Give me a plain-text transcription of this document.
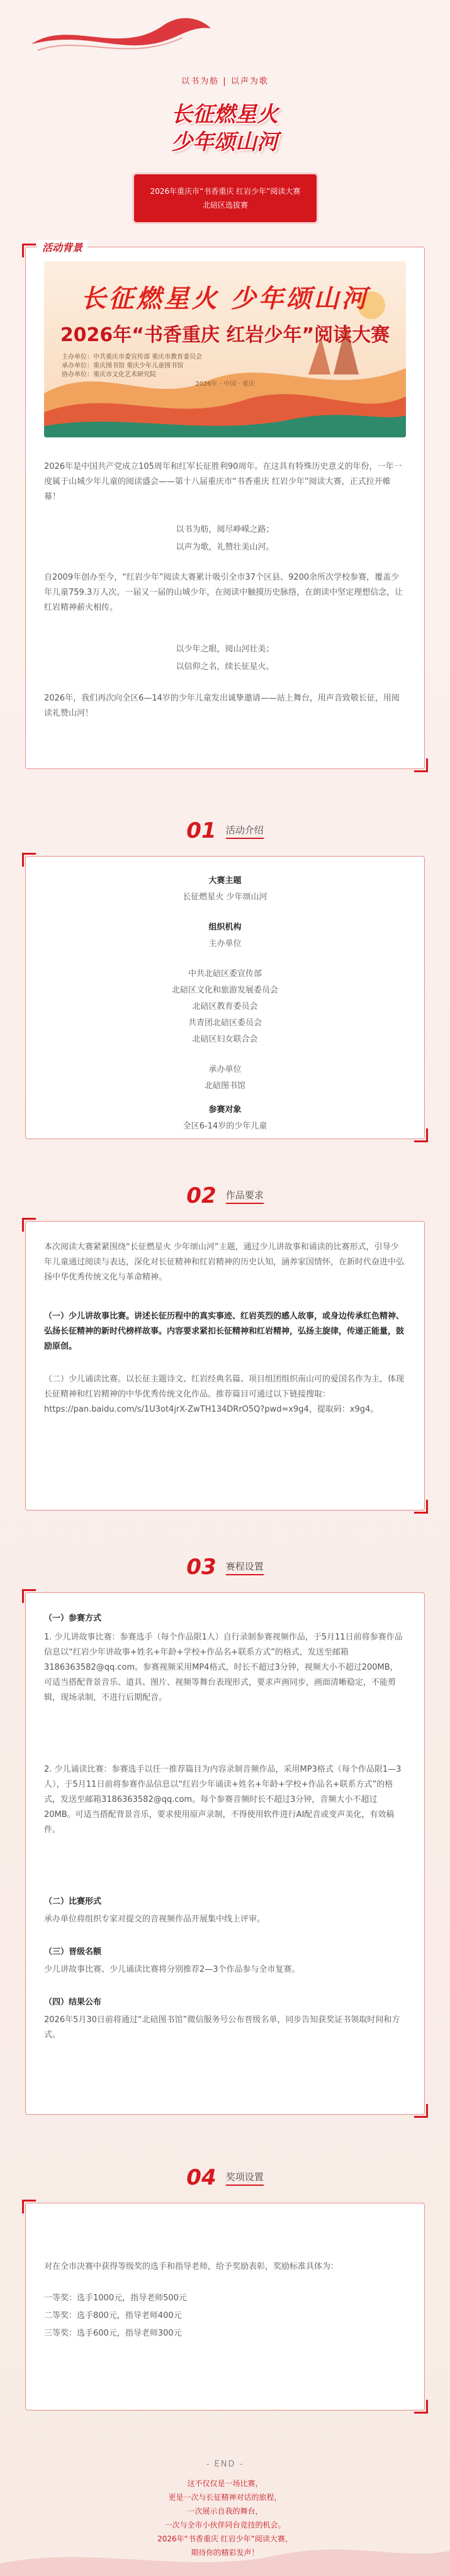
以书为舫 | 以声为歌
长征燃星火
少年颂山河
2026年重庆市“书香重庆 红岩少年”阅读大赛
北碚区选拔赛
活动背景
长征燃星火 少年颂山河
2026年“书香重庆 红岩少年”阅读大赛
主办单位：中共重庆市委宣传部 重庆市教育委员会
承办单位：重庆图书馆 重庆少年儿童图书馆
协办单位：重庆市文化艺术研究院
2026年 · 中国 · 重庆
2026年是中国共产党成立105周年和红军长征胜利90周年。在这具有特殊历史意义的年份，一年一度属于山城少年儿童的阅读盛会——第十八届重庆市“书香重庆 红岩少年”阅读大赛，正式拉开帷幕！
以书为舫，阅尽峥嵘之路；
以声为歌，礼赞壮美山河。
自2009年创办至今，“红岩少年”阅读大赛累计吸引全市37个区县、9200余所次学校参赛，覆盖少年儿童759.3万人次。一届又一届的山城少年，在阅读中触摸历史脉络，在朗读中坚定理想信念，让红岩精神薪火相传。
以少年之眼，阅山河壮美；
以信仰之名，续长征星火。
2026年，我们再次向全区6—14岁的少年儿童发出诚挚邀请——站上舞台，用声音致敬长征，用阅读礼赞山河！
01 活动介绍
大赛主题
长征燃星火 少年颂山河
组织机构
主办单位
中共北碚区委宣传部
北碚区文化和旅游发展委员会
北碚区教育委员会
共青团北碚区委员会
北碚区妇女联合会
承办单位
北碚图书馆
参赛对象
全区6-14岁的少年儿童
02 作品要求
本次阅读大赛紧紧围绕“长征燃星火 少年颂山河”主题，通过少儿讲故事和诵读的比赛形式，引导少年儿童通过阅读与表达，深化对长征精神和红岩精神的历史认知，涵养家国情怀，在新时代奋进中弘扬中华优秀传统文化与革命精神。
（一）少儿讲故事比赛。讲述长征历程中的真实事迹、红岩英烈的感人故事，或身边传承红色精神、弘扬长征精神的新时代榜样故事。内容要求紧扣长征精神和红岩精神，弘扬主旋律，传递正能量，鼓励原创。
（二）少儿诵读比赛。以长征主题诗文、红岩经典名篇、项目组团组织南山可的爱国名作为主，体现长征精神和红岩精神的中华优秀传统文化作品。推荐篇目可通过以下链接搜取：https://pan.baidu.com/s/1U3ot4jrX-ZwTH134DRrO5Q?pwd=x9g4，提取码：x9g4。
03 赛程设置
（一）参赛方式
1. 少儿讲故事比赛：参赛选手（每个作品限1人）自行录制参赛视频作品，于5月11日前将参赛作品信息以“红岩少年讲故事+姓名+年龄+学校+作品名+联系方式”的格式，发送至邮箱3186363582@qq.com。参赛视频采用MP4格式，时长不超过3分钟，视频大小不超过200MB，可适当搭配背景音乐、道具、图片、视频等舞台表现形式，要求声画同步，画面清晰稳定，不能剪辑，现场录制，不进行后期配音。
2. 少儿诵读比赛：参赛选手以任一推荐篇目为内容录制音频作品，采用MP3格式（每个作品限1—3人），于5月11日前将参赛作品信息以“红岩少年诵读+姓名+年龄+学校+作品名+联系方式”的格式，发送至邮箱3186363582@qq.com。每个参赛音频时长不超过3分钟，音频大小不超过20MB。可适当搭配背景音乐，要求使用原声录制，不得使用软件进行AI配音或变声美化，有效稿件。
（二）比赛形式
承办单位将组织专家对提交的音视频作品开展集中线上评审。
（三）晋级名额
少儿讲故事比赛、少儿诵读比赛将分别推荐2—3个作品参与全市复赛。
（四）结果公布
2026年5月30日前将通过“北碚图书馆”微信服务号公布晋级名单，同步告知获奖证书领取时间和方式。
04 奖项设置
对在全市决赛中获得等级奖的选手和指导老师，给予奖励表彰，奖励标准具体为：
一等奖：选手1000元，指导老师500元
二等奖：选手800元，指导老师400元
三等奖：选手600元，指导老师300元
- END -
这不仅仅是一场比赛，
更是一次与长征精神对话的旅程，
一次展示自我的舞台，
一次与全市小伙伴同台竞技的机会。
2026年“书香重庆 红岩少年”阅读大赛，
期待你的精彩发声！
